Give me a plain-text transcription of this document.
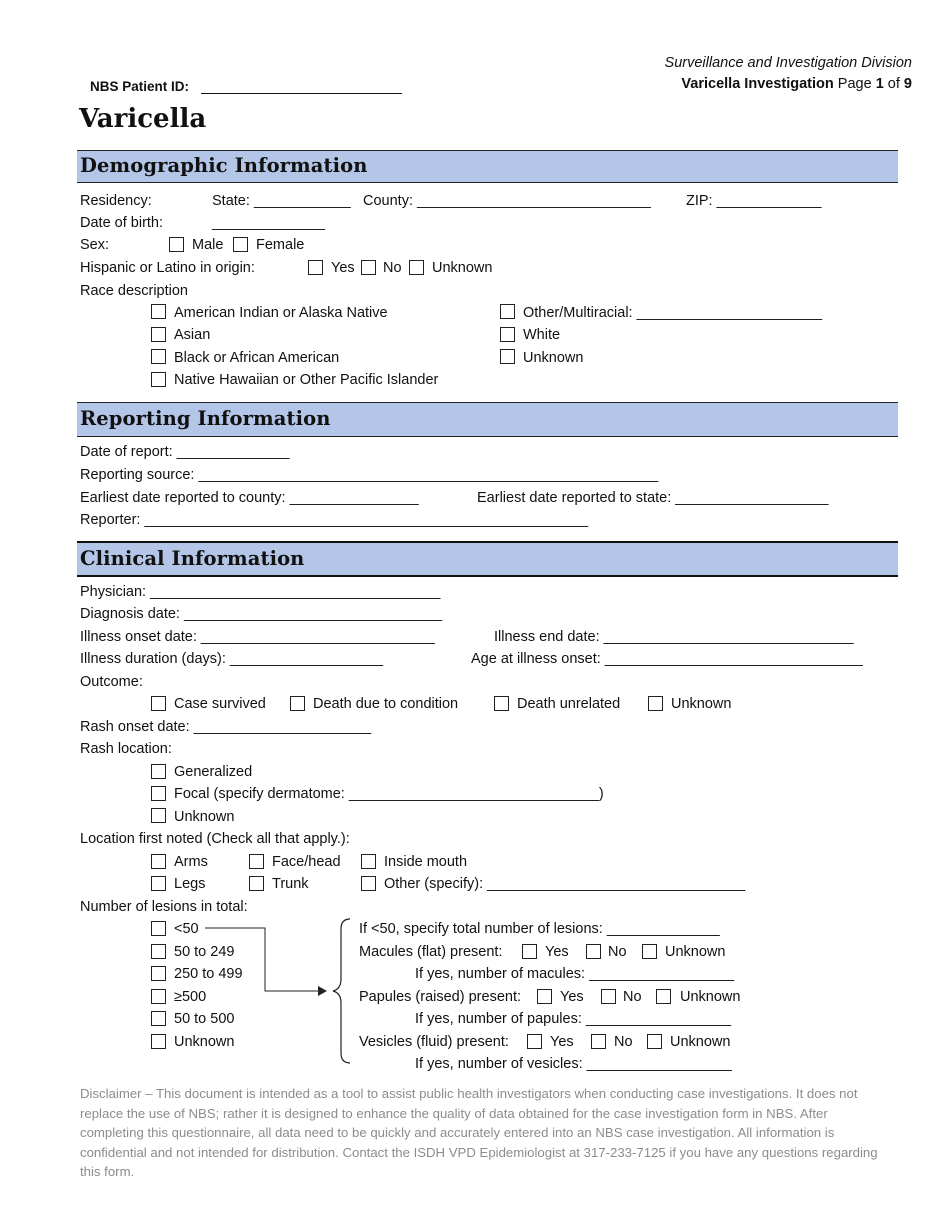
Surveillance and Investigation Division
Varicella Investigation Page 1 of 9
NBS Patient ID:
Varicella
Demographic Information
Residency:	State: ____________ County: _____________________________ ZIP: _____________
Date of birth:	______________
Sex:	Male Female
Hispanic or Latino in origin:	Yes No Unknown
Race description
American Indian or Alaska Native
Asian
Black or African American
Native Hawaiian or Other Pacific Islander
Other/Multiracial: _______________________
White
Unknown
Reporting Information
Date of report: ______________
Reporting source: _________________________________________________________
Earliest date reported to county: ________________	Earliest date reported to state: ___________________
Reporter: _______________________________________________________
Clinical Information
Physician: ____________________________________
Diagnosis date: ________________________________
Illness onset date: _____________________________	Illness end date: _______________________________
Illness duration (days): ___________________	Age at illness onset: ________________________________
Outcome:
Case survived	Death due to condition	Death unrelated	Unknown
Rash onset date: ______________________
Rash location:
Generalized
Focal (specify dermatome: _______________________________)
Unknown
Location first noted (Check all that apply.):
Arms	Face/head	Inside mouth
Legs	Trunk	Other (specify): ________________________________
Number of lesions in total:
<50
50 to 249
250 to 499
≥500
50 to 500
Unknown
If <50, specify total number of lesions: ______________
Macules (flat) present:	Yes	No	Unknown
If yes, number of macules: __________________
Papules (raised) present:	Yes	No	Unknown
If yes, number of papules: __________________
Vesicles (fluid) present:	Yes	No	Unknown
If yes, number of vesicles: __________________
Disclaimer – This document is intended as a tool to assist public health investigators when conducting case investigations. It does not replace the use of NBS; rather it is designed to enhance the quality of data obtained for the case investigation form in NBS. After completing this questionnaire, all data need to be quickly and accurately entered into an NBS case investigation. All information is confidential and not intended for distribution. Contact the ISDH VPD Epidemiologist at 317-233-7125 if you have any questions regarding this form.
